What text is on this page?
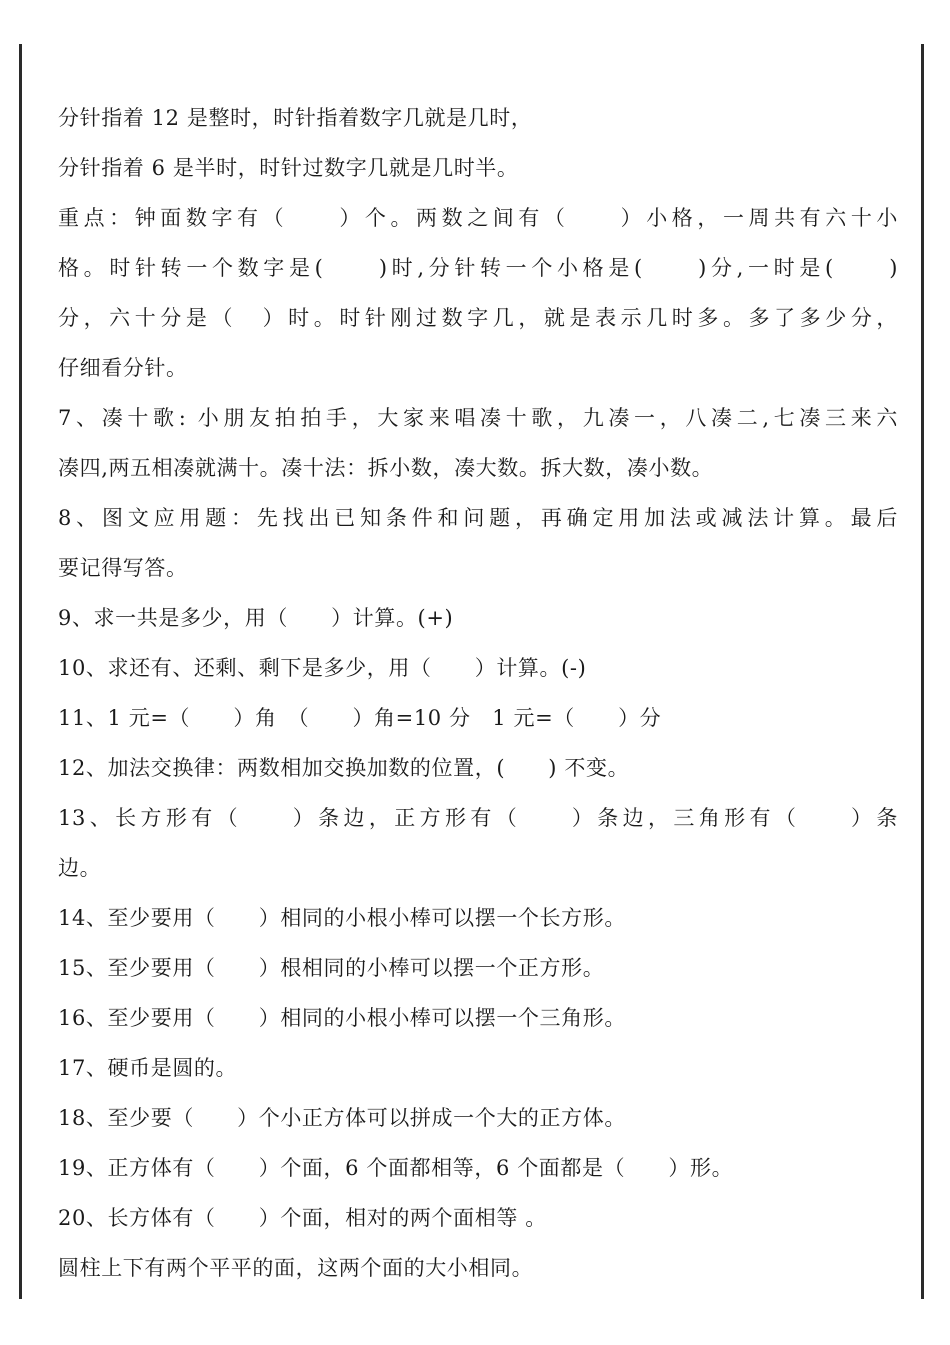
分针指着 12 是整时，时针指着数字几就是几时，
分针指着 6 是半时，时针过数字几就是几时半。
重点：钟面数字有（　　）个。两数之间有（　　）小格，一周共有六十小
格。时针转一个数字是(　　)时,分针转一个小格是(　　)分,一时是(　　)
分，六十分是（　）时。时针刚过数字几，就是表示几时多。多了多少分，
仔细看分针。
7、凑十歌: 小朋友拍拍手，大家来唱凑十歌，九凑一，八凑二,七凑三来六
凑四,两五相凑就满十。凑十法：拆小数，凑大数。拆大数，凑小数。
8、图文应用题：先找出已知条件和问题，再确定用加法或减法计算。最后
要记得写答。
9、求一共是多少，用（　　）计算。(+)
10、求还有、还剩、剩下是多少，用（　　）计算。(-)
11、1 元=（　　）角　（　　）角=10 分　1 元=（　　）分
12、加法交换律：两数相加交换加数的位置，(　　) 不变。
13、长方形有（　　）条边，正方形有（　　）条边，三角形有（　　）条
边。
14、至少要用（　　）相同的小根小棒可以摆一个长方形。
15、至少要用（　　）根相同的小棒可以摆一个正方形。
16、至少要用（　　）相同的小根小棒可以摆一个三角形。
17、硬币是圆的。
18、至少要（　　）个小正方体可以拼成一个大的正方体。
19、正方体有（　　）个面，6 个面都相等，6 个面都是（　　）形。
20、长方体有（　　）个面，相对的两个面相等 。
圆柱上下有两个平平的面，这两个面的大小相同。
